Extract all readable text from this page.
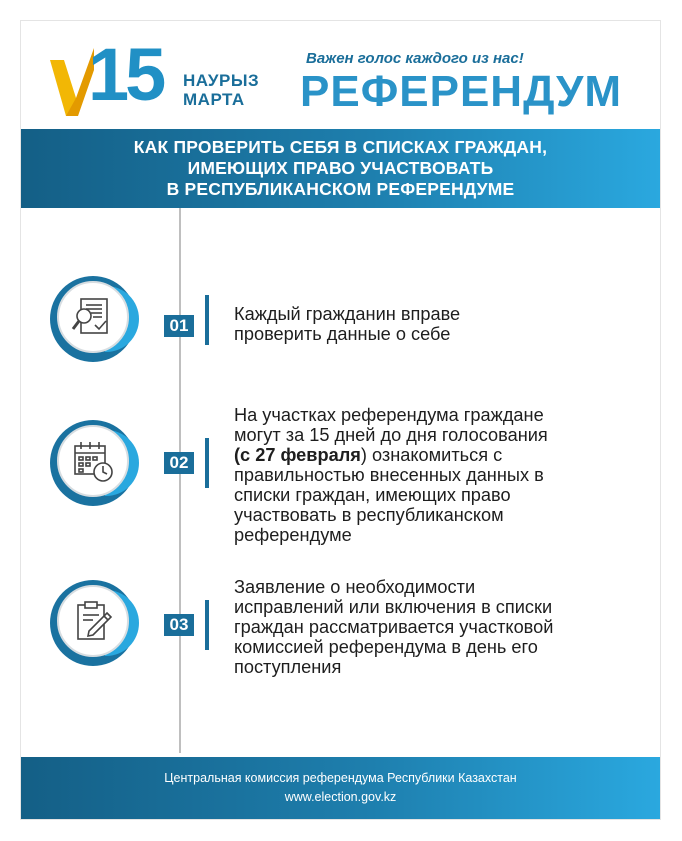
15 НАУРЫЗ
МАРТА
Важен голос каждого из нас!
РЕФЕРЕНДУМ
КАК ПРОВЕРИТЬ СЕБЯ В СПИСКАХ ГРАЖДАН,
ИМЕЮЩИХ ПРАВО УЧАСТВОВАТЬ
В РЕСПУБЛИКАНСКОМ РЕФЕРЕНДУМЕ
01
Каждый гражданин вправе
проверить данные о себе
02
На участках референдума граждане
могут за 15 дней до дня голосования
(с 27 февраля) ознакомиться с
правильностью внесенных данных в
списки граждан, имеющих право
участвовать в республиканском
референдуме
03
Заявление о необходимости
исправлений или включения в списки
граждан рассматривается участковой
комиссией референдума в день его
поступления
Центральная комиссия референдума Республики Казахстан
www.election.gov.kz
